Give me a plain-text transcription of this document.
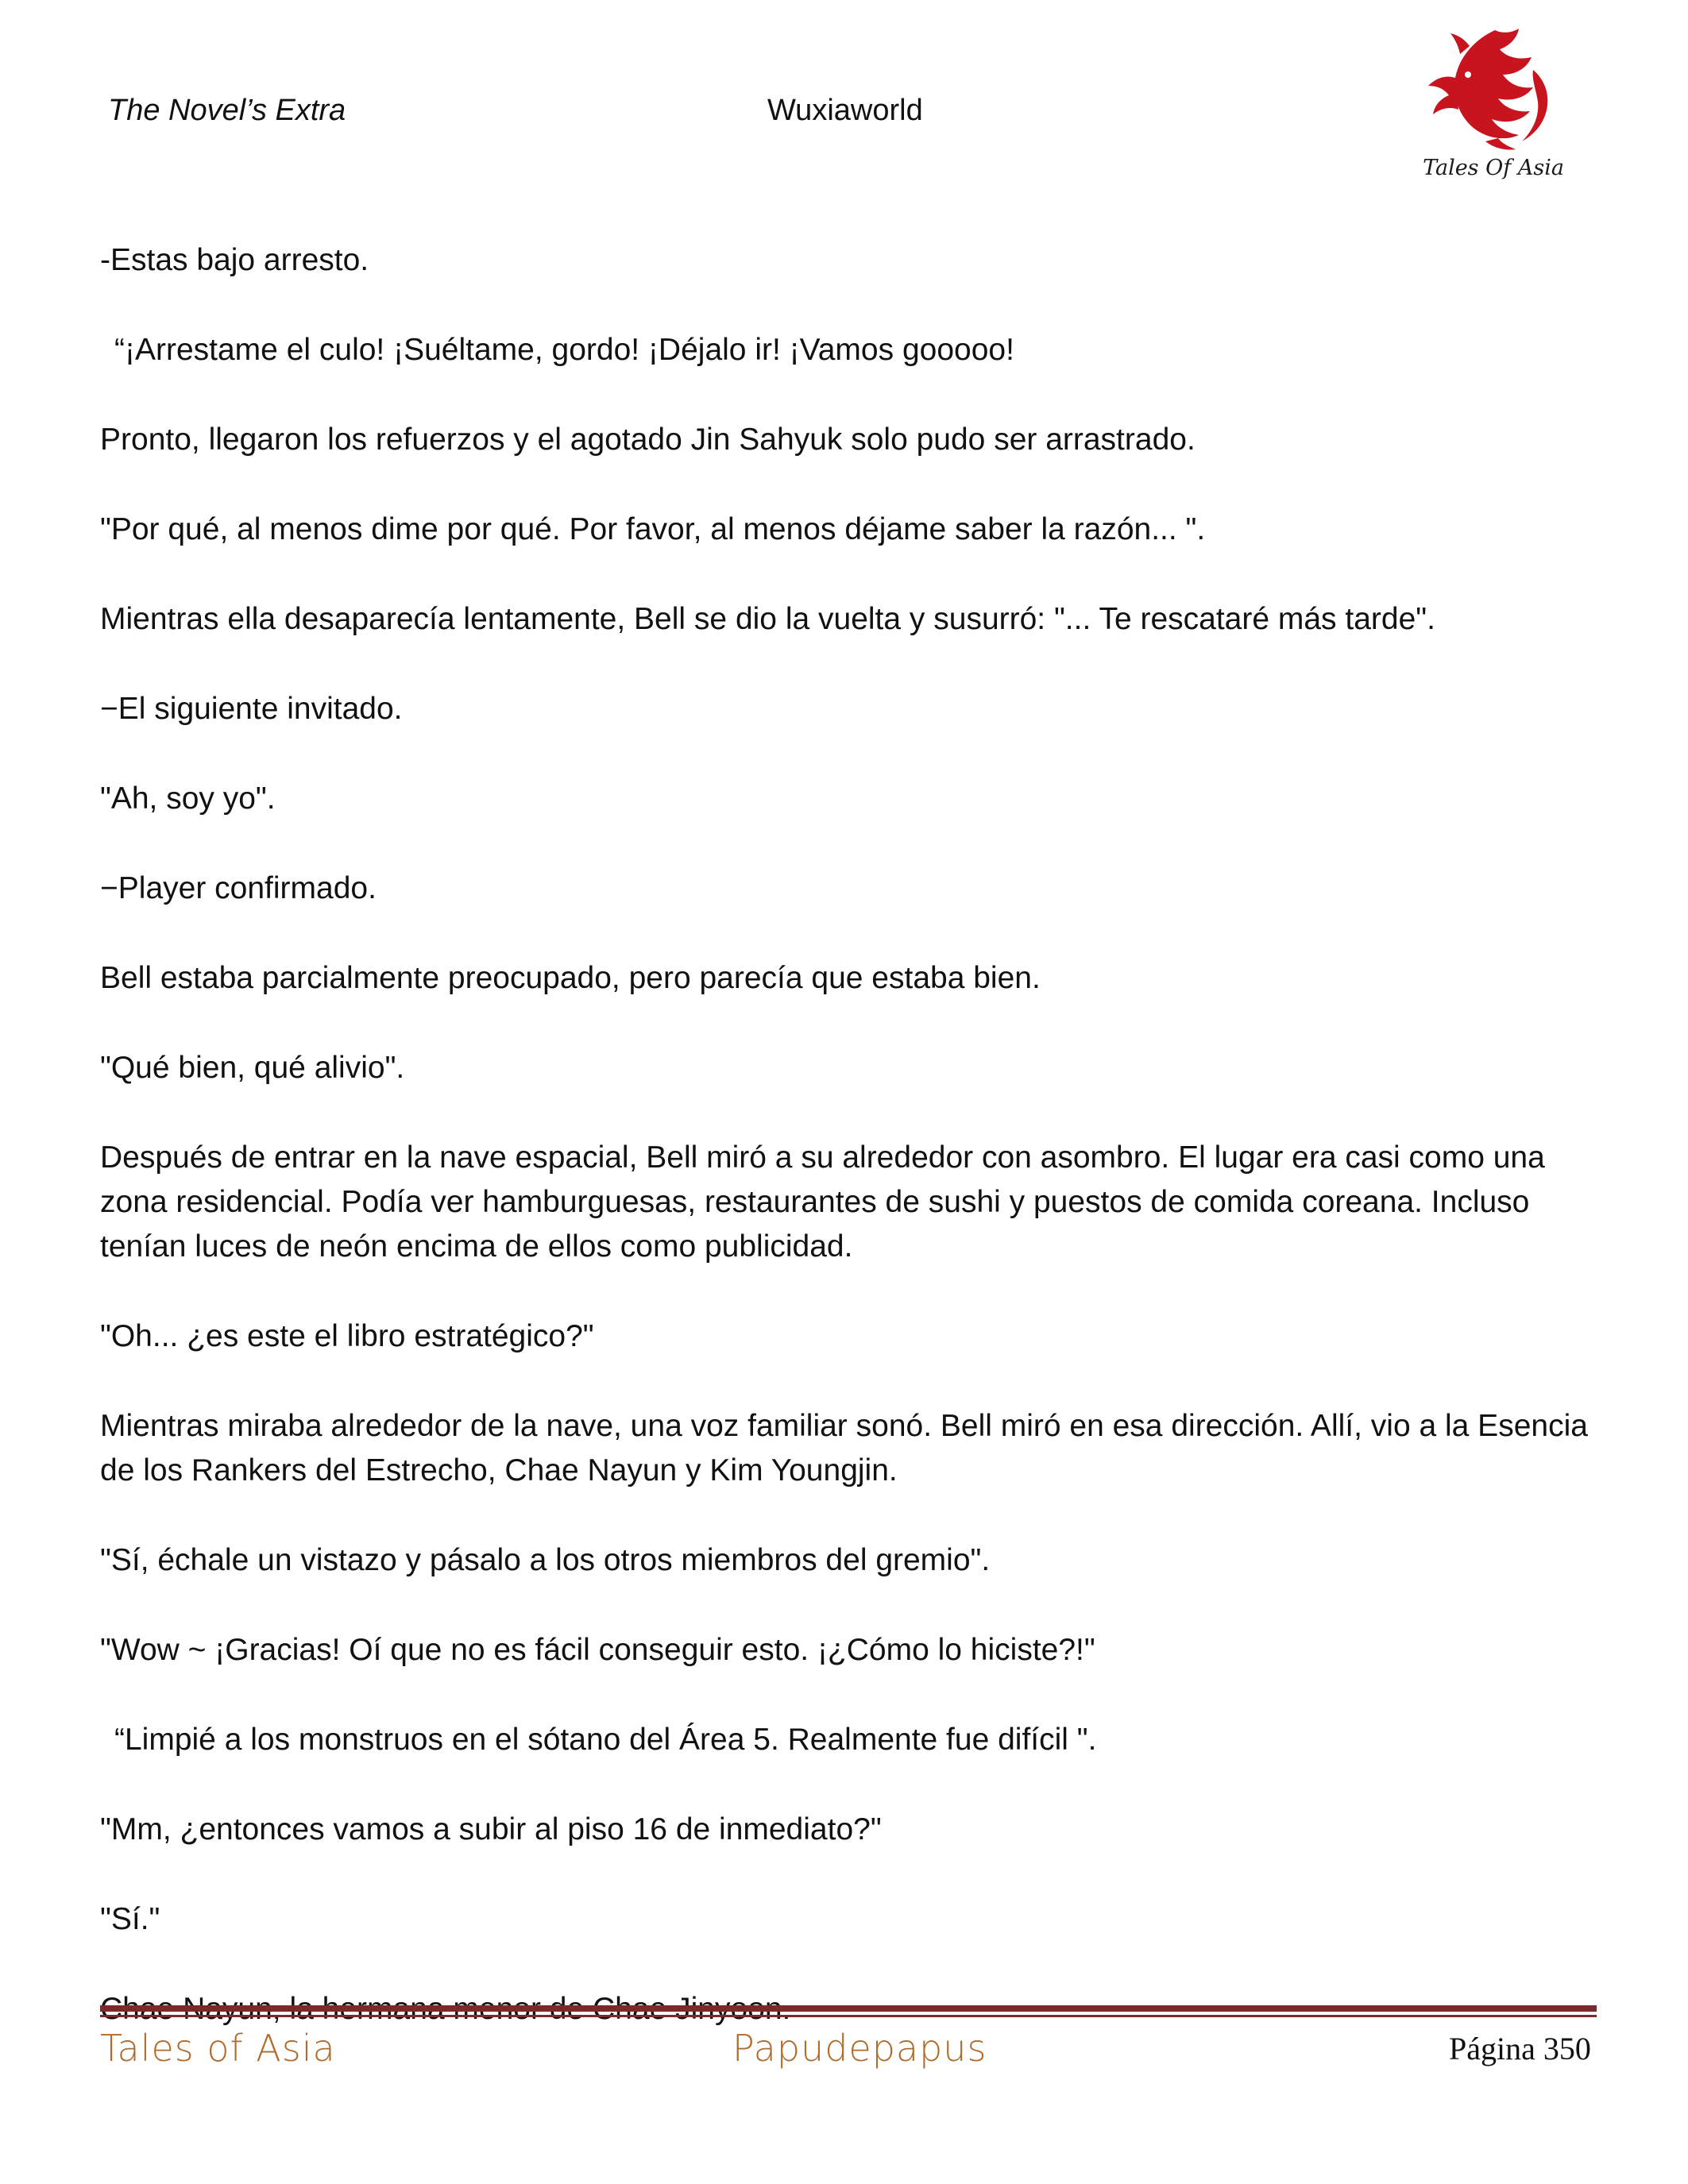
The Novel’s Extra	Wuxiaworld
Tales Of Asia

-Estas bajo arresto.

“¡Arrestame el culo! ¡Suéltame, gordo! ¡Déjalo ir! ¡Vamos gooooo!

Pronto, llegaron los refuerzos y el agotado Jin Sahyuk solo pudo ser arrastrado.

"Por qué, al menos dime por qué. Por favor, al menos déjame saber la razón... ".

Mientras ella desaparecía lentamente, Bell se dio la vuelta y susurró: "... Te rescataré más tarde".

−El siguiente invitado.

"Ah, soy yo".

−Player confirmado.

Bell estaba parcialmente preocupado, pero parecía que estaba bien.

"Qué bien, qué alivio".

Después de entrar en la nave espacial, Bell miró a su alrededor con asombro. El lugar era casi como una zona residencial. Podía ver hamburguesas, restaurantes de sushi y puestos de comida coreana. Incluso tenían luces de neón encima de ellos como publicidad.

"Oh... ¿es este el libro estratégico?"

Mientras miraba alrededor de la nave, una voz familiar sonó. Bell miró en esa dirección. Allí, vio a la Esencia de los Rankers del Estrecho, Chae Nayun y Kim Youngjin.

"Sí, échale un vistazo y pásalo a los otros miembros del gremio".

"Wow ~ ¡Gracias! Oí que no es fácil conseguir esto. ¡¿Cómo lo hiciste?!"

“Limpié a los monstruos en el sótano del Área 5. Realmente fue difícil ".

"Mm, ¿entonces vamos a subir al piso 16 de inmediato?"

"Sí."

Tales of Asia	Papudepapus	Página 350
